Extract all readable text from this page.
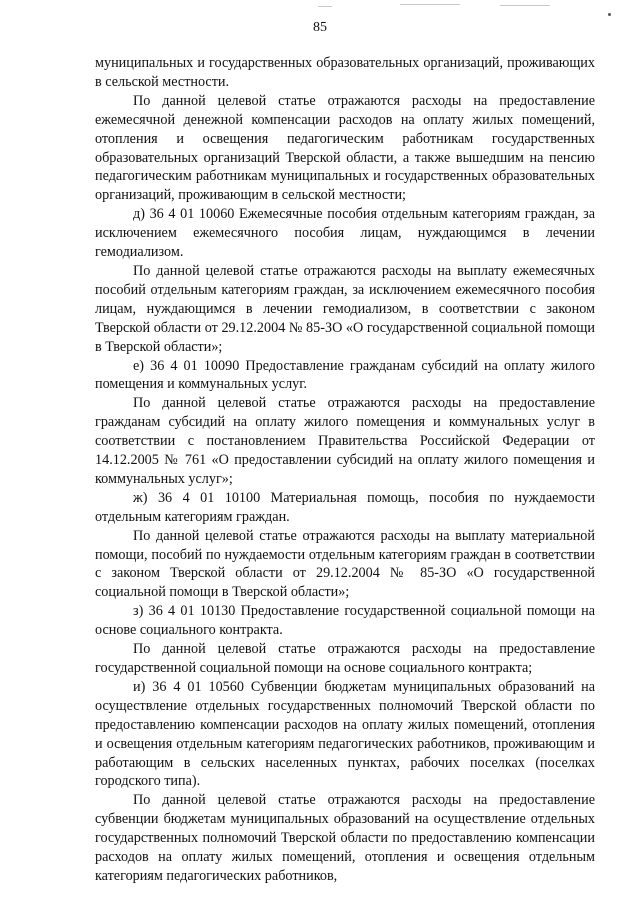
85

муниципальных и государственных образовательных организаций, проживающих в сельской местности.

По данной целевой статье отражаются расходы на предоставление ежемесячной денежной компенсации расходов на оплату жилых помещений, отопления и освещения педагогическим работникам государственных образовательных организаций Тверской области, а также вышедшим на пенсию педагогическим работникам муниципальных и государственных образовательных организаций, проживающим в сельской местности;

д) 36 4 01 10060 Ежемесячные пособия отдельным категориям граждан, за исключением ежемесячного пособия лицам, нуждающимся в лечении гемодиализом.

По данной целевой статье отражаются расходы на выплату ежемесячных пособий отдельным категориям граждан, за исключением ежемесячного пособия лицам, нуждающимся в лечении гемодиализом, в соответствии с законом Тверской области от 29.12.2004 № 85-ЗО «О государственной социальной помощи в Тверской области»;

е) 36 4 01 10090 Предоставление гражданам субсидий на оплату жилого помещения и коммунальных услуг.

По данной целевой статье отражаются расходы на предоставление гражданам субсидий на оплату жилого помещения и коммунальных услуг в соответствии с постановлением Правительства Российской Федерации от 14.12.2005 № 761 «О предоставлении субсидий на оплату жилого помещения и коммунальных услуг»;

ж) 36 4 01 10100 Материальная помощь, пособия по нуждаемости отдельным категориям граждан.

По данной целевой статье отражаются расходы на выплату материальной помощи, пособий по нуждаемости отдельным категориям граждан в соответствии с законом Тверской области от 29.12.2004 № 85-ЗО «О государственной социальной помощи в Тверской области»;

з) 36 4 01 10130 Предоставление государственной социальной помощи на основе социального контракта.

По данной целевой статье отражаются расходы на предоставление государственной социальной помощи на основе социального контракта;

и) 36 4 01 10560 Субвенции бюджетам муниципальных образований на осуществление отдельных государственных полномочий Тверской области по предоставлению компенсации расходов на оплату жилых помещений, отопления и освещения отдельным категориям педагогических работников, проживающим и работающим в сельских населенных пунктах, рабочих поселках (поселках городского типа).

По данной целевой статье отражаются расходы на предоставление субвенции бюджетам муниципальных образований на осуществление отдельных государственных полномочий Тверской области по предоставлению компенсации расходов на оплату жилых помещений, отопления и освещения отдельным категориям педагогических работников,
